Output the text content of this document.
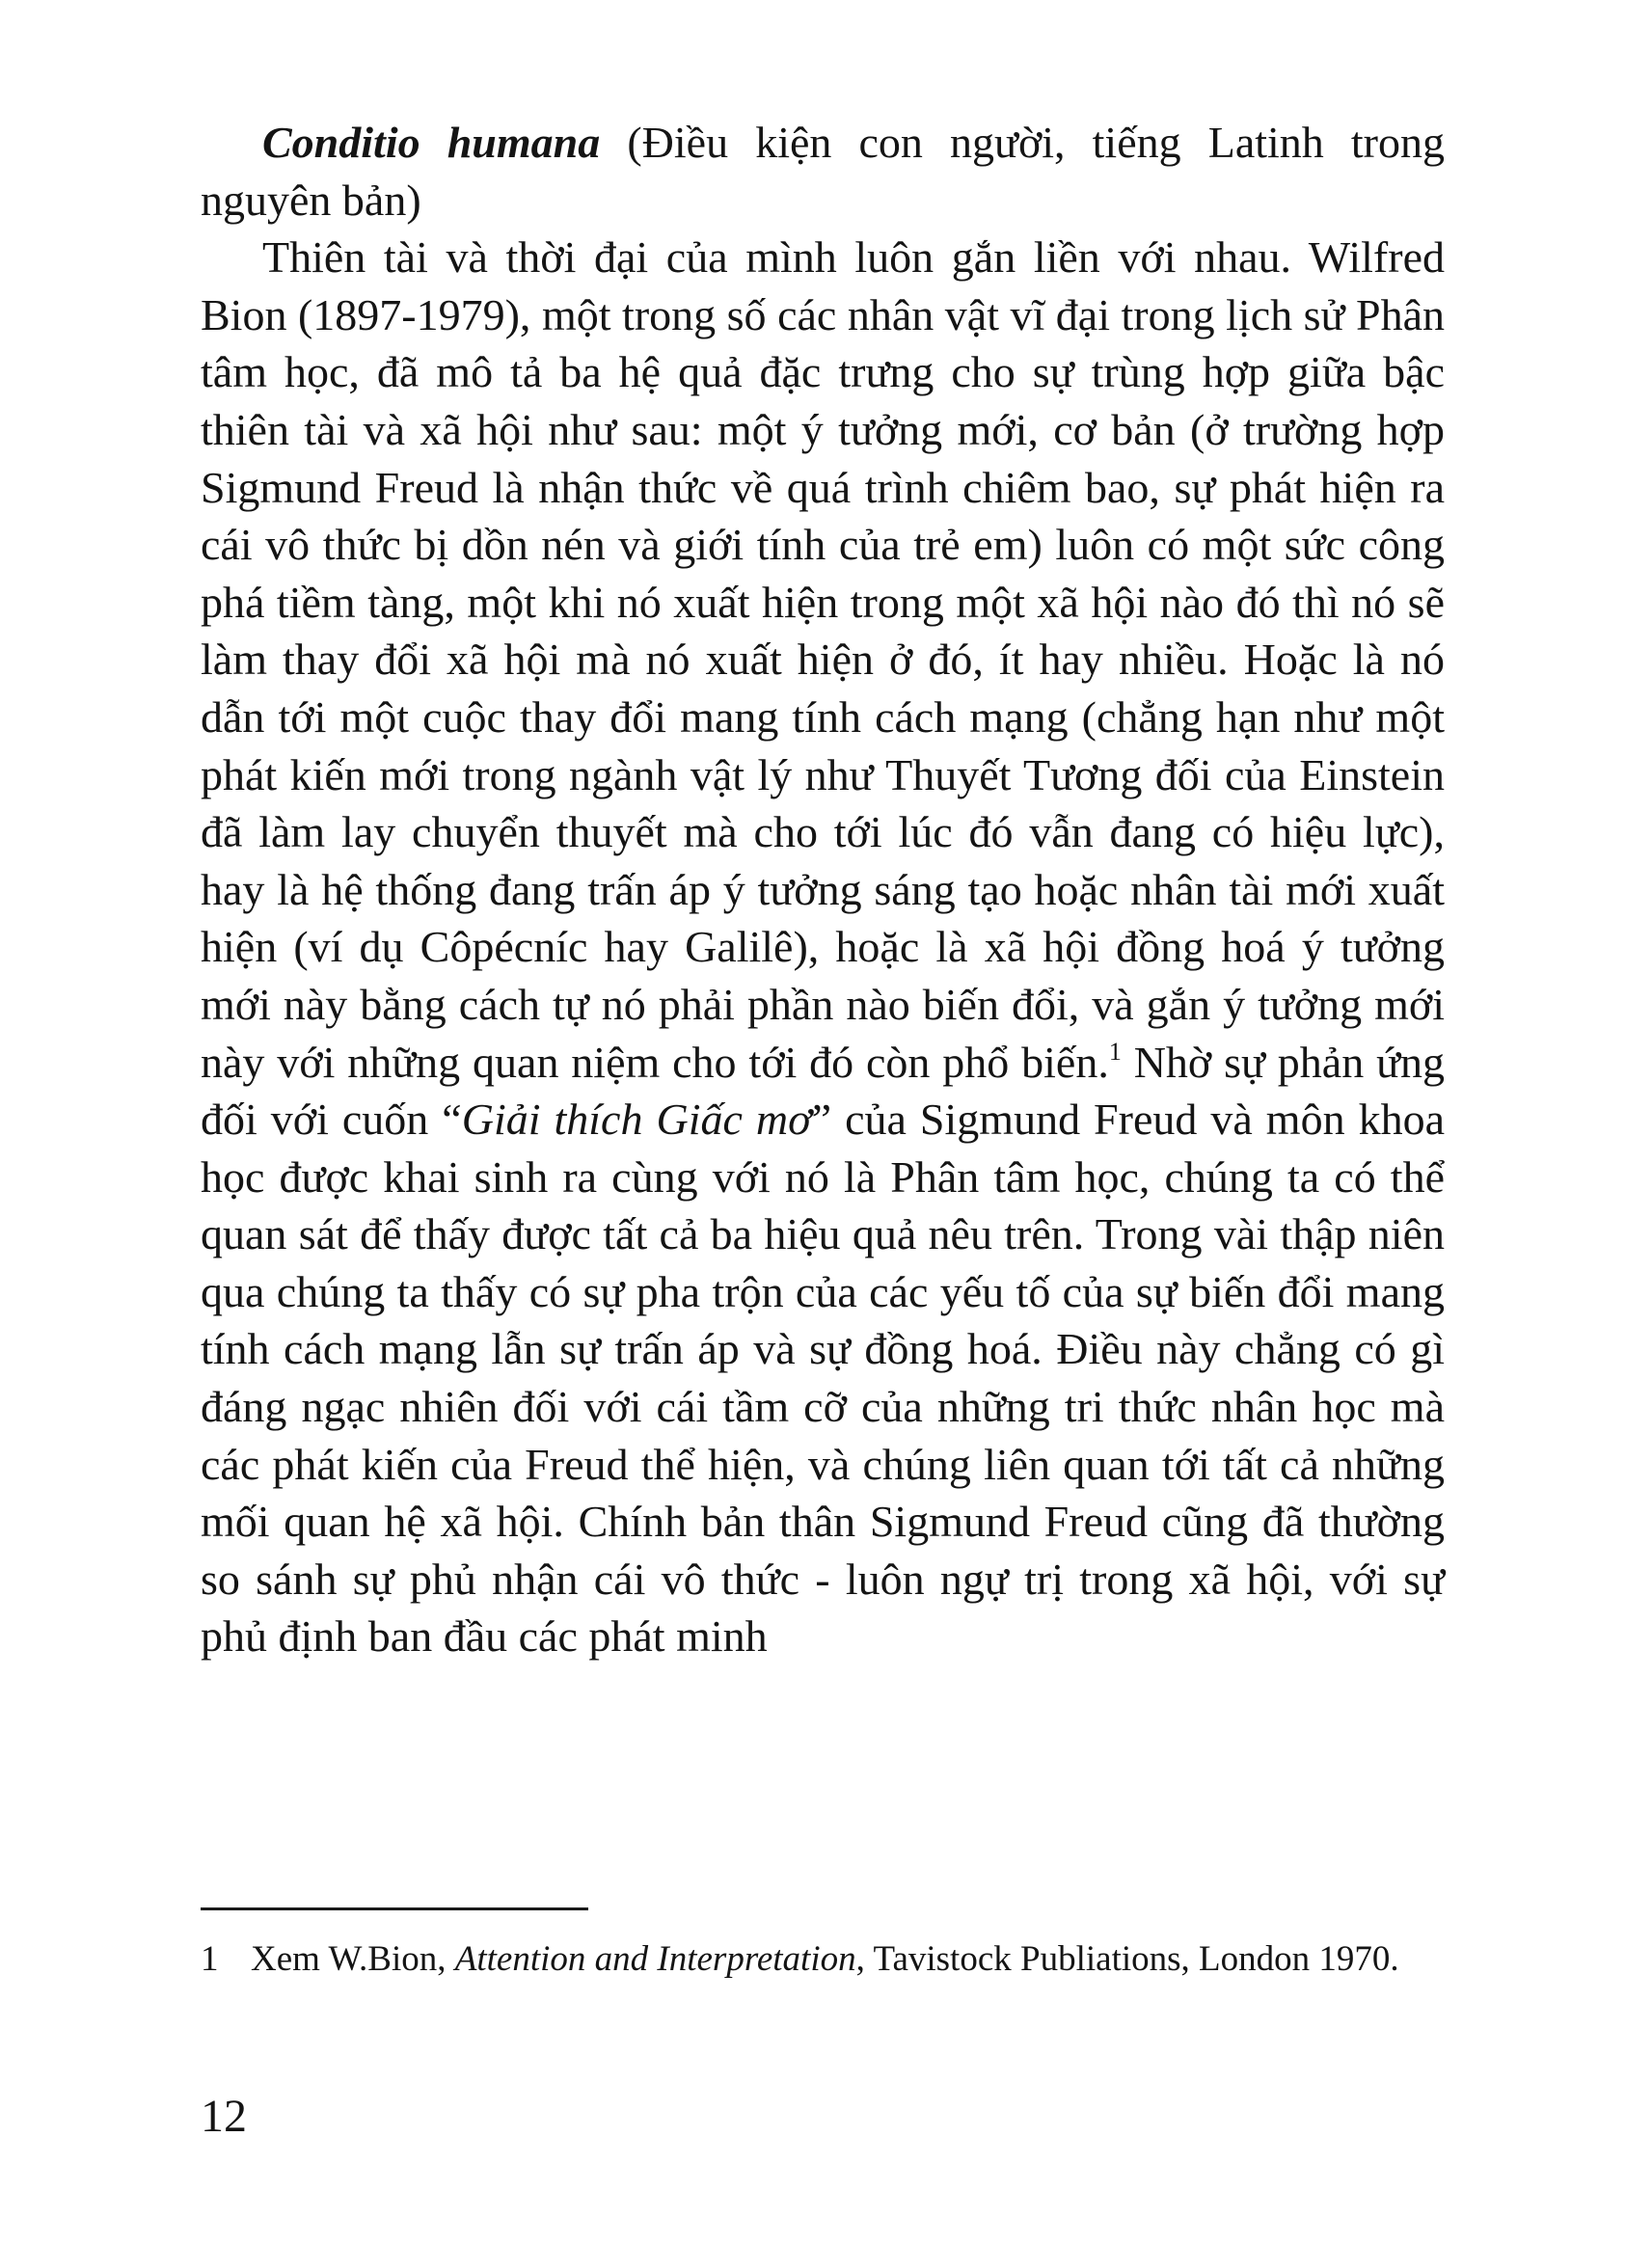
Conditio humana (Điều kiện con người, tiếng Latinh trong nguyên bản)

Thiên tài và thời đại của mình luôn gắn liền với nhau. Wilfred Bion (1897-1979), một trong số các nhân vật vĩ đại trong lịch sử Phân tâm học, đã mô tả ba hệ quả đặc trưng cho sự trùng hợp giữa bậc thiên tài và xã hội như sau: một ý tưởng mới, cơ bản (ở trường hợp Sigmund Freud là nhận thức về quá trình chiêm bao, sự phát hiện ra cái vô thức bị dồn nén và giới tính của trẻ em) luôn có một sức công phá tiềm tàng, một khi nó xuất hiện trong một xã hội nào đó thì nó sẽ làm thay đổi xã hội mà nó xuất hiện ở đó, ít hay nhiều. Hoặc là nó dẫn tới một cuộc thay đổi mang tính cách mạng (chẳng hạn như một phát kiến mới trong ngành vật lý như Thuyết Tương đối của Einstein đã làm lay chuyển thuyết mà cho tới lúc đó vẫn đang có hiệu lực), hay là hệ thống đang trấn áp ý tưởng sáng tạo hoặc nhân tài mới xuất hiện (ví dụ Côpécníc hay Galilê), hoặc là xã hội đồng hoá ý tưởng mới này bằng cách tự nó phải phần nào biến đổi, và gắn ý tưởng mới này với những quan niệm cho tới đó còn phổ biến.$^1$ Nhờ sự phản ứng đối với cuốn “Giải thích Giấc mơ” của Sigmund Freud và môn khoa học được khai sinh ra cùng với nó là Phân tâm học, chúng ta có thể quan sát để thấy được tất cả ba hiệu quả nêu trên. Trong vài thập niên qua chúng ta thấy có sự pha trộn của các yếu tố của sự biến đổi mang tính cách mạng lẫn sự trấn áp và sự đồng hoá. Điều này chẳng có gì đáng ngạc nhiên đối với cái tầm cỡ của những tri thức nhân học mà các phát kiến của Freud thể hiện, và chúng liên quan tới tất cả những mối quan hệ xã hội. Chính bản thân Sigmund Freud cũng đã thường so sánh sự phủ nhận cái vô thức - luôn ngự trị trong xã hội, với sự phủ định ban đầu các phát minh

1 Xem W.Bion, Attention and Interpretation, Tavistock Publiations, London 1970.
12
